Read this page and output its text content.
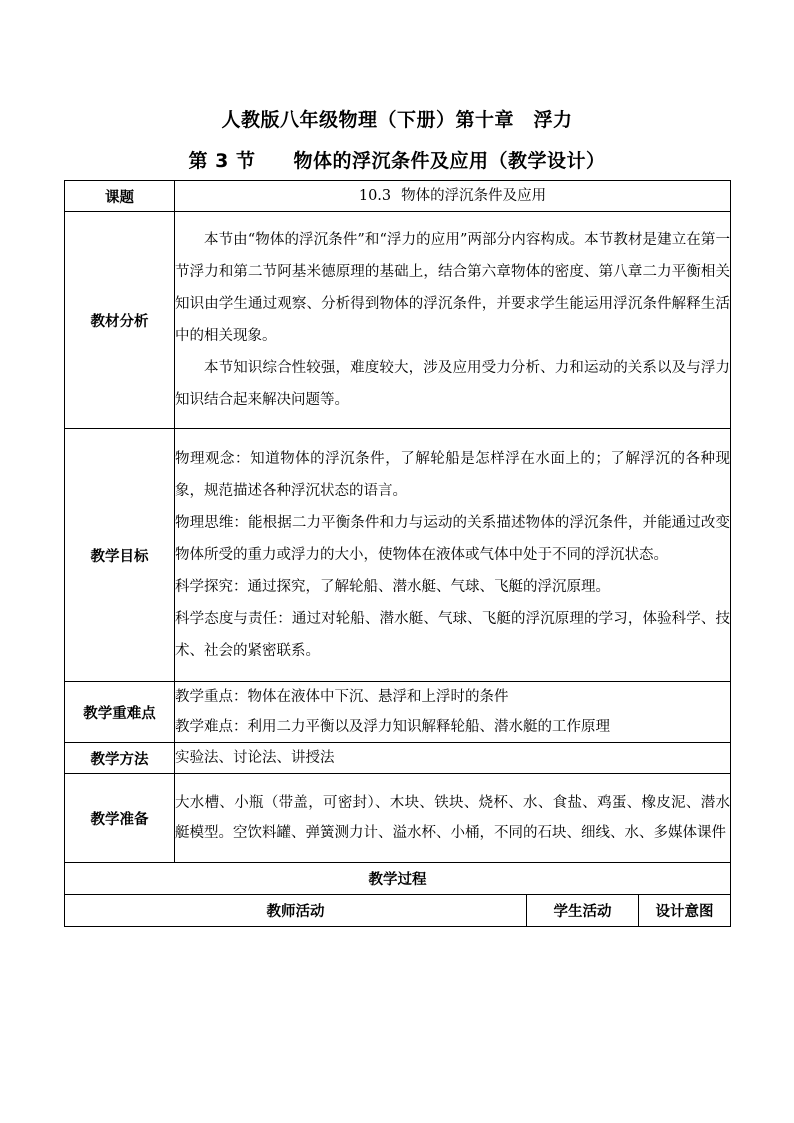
人教版八年级物理（下册）第十章　浮力
第 3 节 物体的浮沉条件及应用（教学设计）
课题	10.3 物体的浮沉条件及应用		
教材分析	本节由“物体的浮沉条件”和“浮力的应用”两部分内容构成。本节教材是建立在第一节浮力和第二节阿基米德原理的基础上，结合第六章物体的密度、第八章二力平衡相关知识由学生通过观察、分析得到物体的浮沉条件，并要求学生能运用浮沉条件解释生活中的相关现象。

本节知识综合性较强，难度较大，涉及应用受力分析、力和运动的关系以及与浮力知识结合起来解决问题等。		

教学目标	物理观念：知道物体的浮沉条件，了解轮船是怎样浮在水面上的；了解浮沉的各种现象，规范描述各种浮沉状态的语言。

物理思维：能根据二力平衡条件和力与运动的关系描述物体的浮沉条件，并能通过改变物体所受的重力或浮力的大小，使物体在液体或气体中处于不同的浮沉状态。

科学探究：通过探究，了解轮船、潜水艇、气球、飞艇的浮沉原理。

科学态度与责任：通过对轮船、潜水艇、气球、飞艇的浮沉原理的学习，体验科学、技术、社会的紧密联系。		

教学重难点	教学重点：物体在液体中下沉、悬浮和上浮时的条件

教学难点：利用二力平衡以及浮力知识解释轮船、潜水艇的工作原理		

教学方法	实验法、讨论法、讲授法		
教学准备	大水槽、小瓶（带盖，可密封）、木块、铁块、烧杯、水、食盐、鸡蛋、橡皮泥、潜水艇模型。空饮料罐、弹簧测力计、溢水杯、小桶，不同的石块、细线、水、多媒体课件		
教学过程			
教师活动		学生活动	设计意图
